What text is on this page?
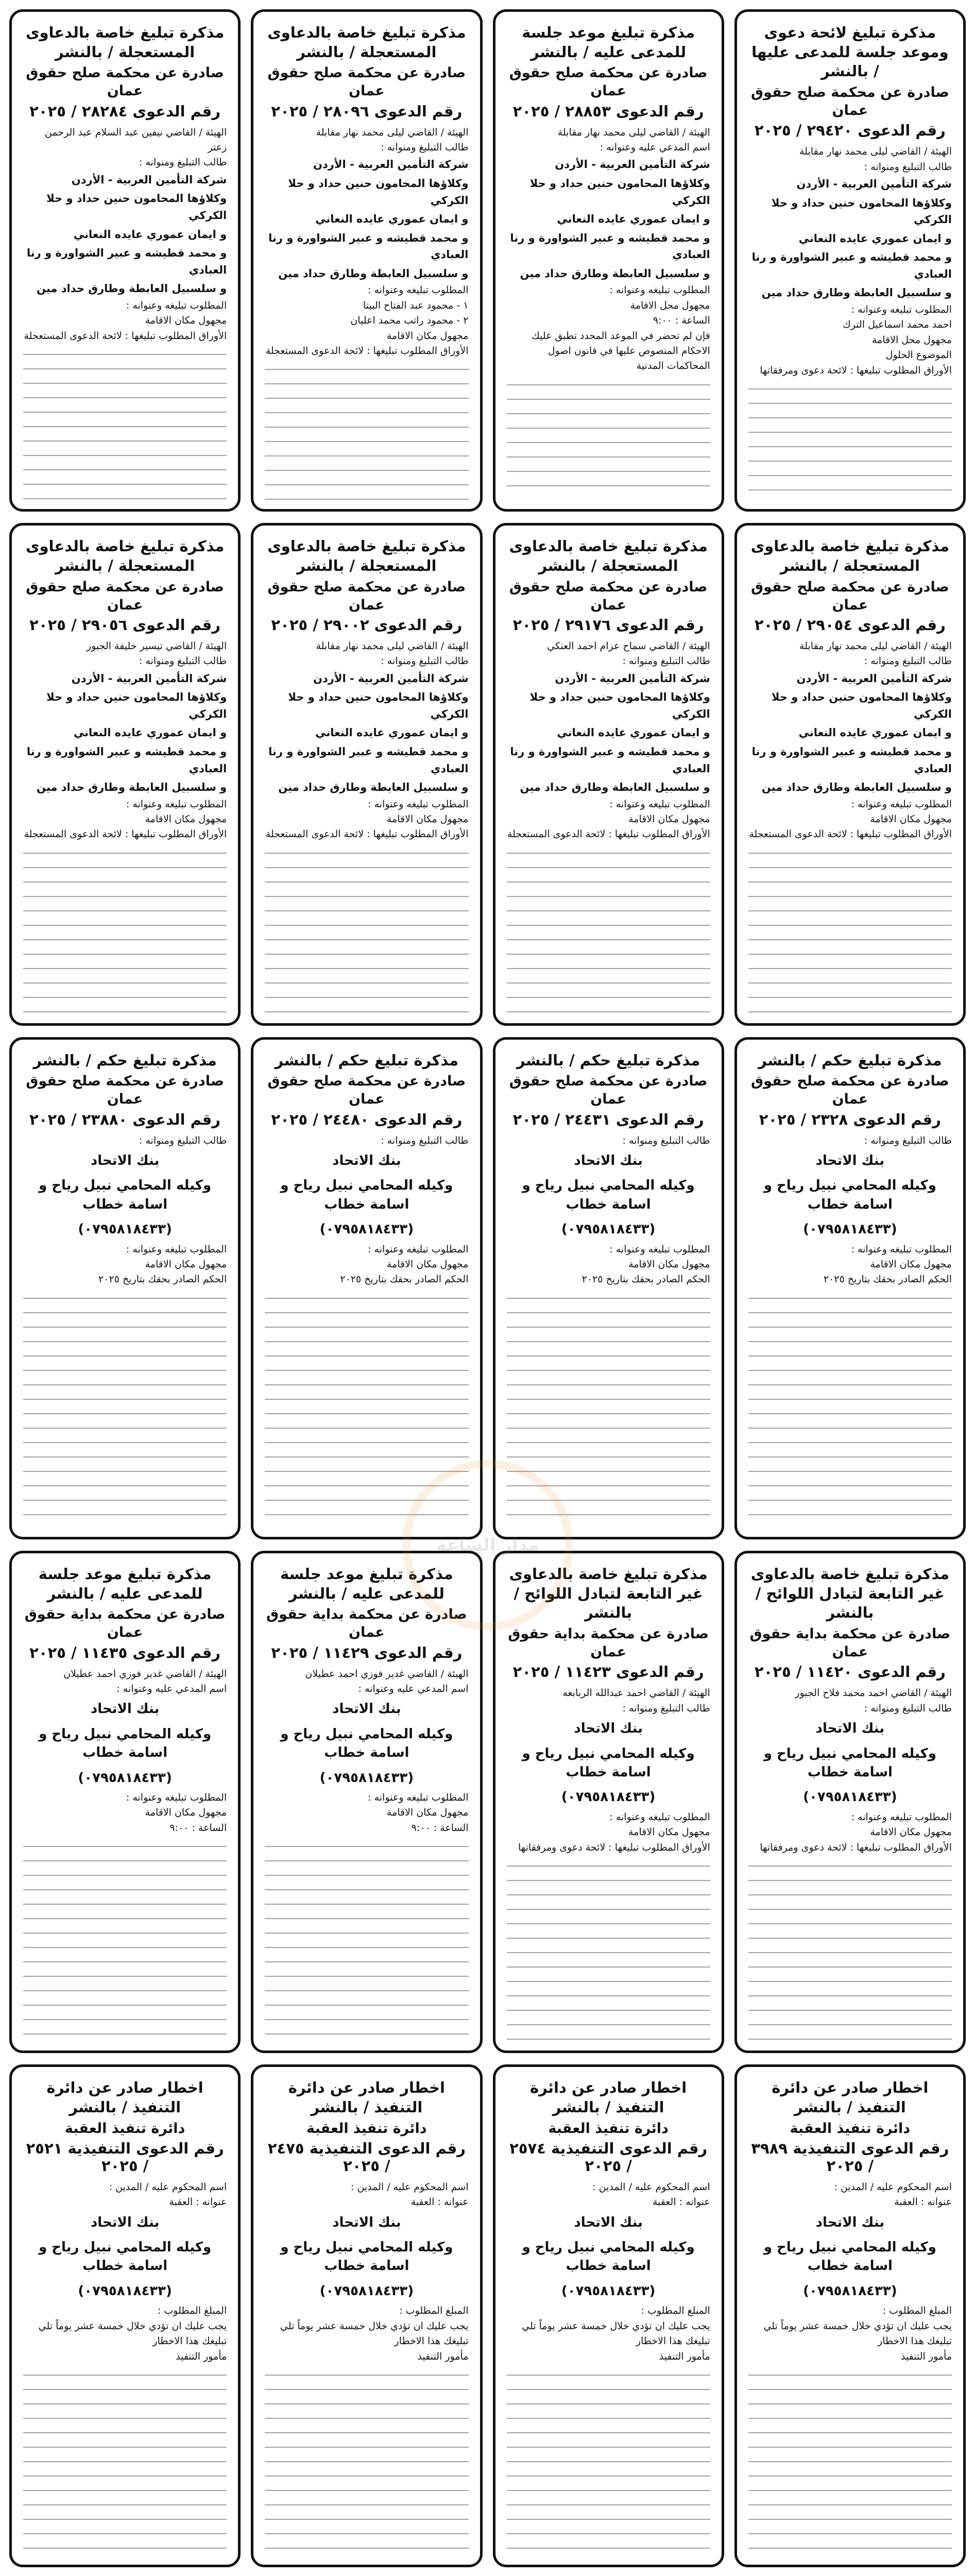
مذكرة تبليغ لائحة دعوى وموعد جلسة للمدعى عليها / بالنشر
صادرة عن محكمة صلح حقوق عمان
رقم الدعوى ٢٩٤٢٠ / ٢٠٢٥

الهيئة / القاضي ليلى محمد نهار مقابلة

طالب التبليغ ومنوانه :

شركة التأمين العربية - الأردن

وكلاؤها المحامون حنين حداد و حلا الكركي

و ايمان عموري عايده النعاني

و محمد قطيشه و عبير الشواورة و رنا العبادي

و سلسبيل العابطة وطارق حداد مين

المطلوب تبليغه وعنوانه :

احمد محمد اسماعيل الترك

مجهول محل الاقامة

الموضوع الحلول

الأوراق المطلوب تبليغها : لائحة دعوى ومرفقاتها

مذكرة تبليغ موعد جلسة للمدعى عليه / بالنشر
صادرة عن محكمة صلح حقوق عمان
رقم الدعوى ٢٨٨٥٣ / ٢٠٢٥

الهيئة / القاضي ليلى محمد نهار مقابلة

اسم المدعي عليه وعنوانه :

شركة التأمين العربية - الأردن

وكلاؤها المحامون حنين حداد و حلا الكركي

و ايمان عموري عايده النعاني

و محمد قطيشه و عبير الشواورة و رنا العبادي

و سلسبيل العابطة وطارق حداد مين

المطلوب تبليغه وعنوانه :

مجهول محل الاقامة

الساعة : ٩:٠٠

فإن لم تحضر في الموعد المحدد تطبق عليك الاحكام المنصوص عليها في قانون اصول المحاكمات المدنية

مذكرة تبليغ خاصة بالدعاوى المستعجلة / بالنشر
صادرة عن محكمة صلح حقوق عمان
رقم الدعوى ٢٨٠٩٦ / ٢٠٢٥

الهيئة / القاضي ليلى محمد نهار مقابلة

طالب التبليغ ومنوانه :

شركة التأمين العربية - الأردن

وكلاؤها المحامون حنين حداد و حلا الكركي

و ايمان عموري عايده النعاني

و محمد قطيشه و عبير الشواورة و رنا العبادي

و سلسبيل العابطة وطارق حداد مين

المطلوب تبليغه وعنوانه :

١ - محمود عبد الفتاح البيتا

٢ - محمود راتب محمد اعليان

مجهول مكان الاقامة

الأوراق المطلوب تبليغها : لائحة الدعوى المستعجلة

مذكرة تبليغ خاصة بالدعاوى المستعجلة / بالنشر
صادرة عن محكمة صلح حقوق عمان
رقم الدعوى ٢٨٢٨٤ / ٢٠٢٥

الهيئة / القاضي نيفين عبد السلام عبد الرحمن زعتر

طالب التبليغ ومنوانه :

شركة التأمين العربية - الأردن

وكلاؤها المحامون حنين حداد و حلا الكركي

و ايمان عموري عايده النعاني

و محمد قطيشه و عبير الشواورة و رنا العبادي

و سلسبيل العابطة وطارق حداد مين

المطلوب تبليغه وعنوانه :

مجهول مكان الاقامة

الأوراق المطلوب تبليغها : لائحة الدعوى المستعجلة

مذكرة تبليغ خاصة بالدعاوى المستعجلة / بالنشر
صادرة عن محكمة صلح حقوق عمان
رقم الدعوى ٢٩٠٥٤ / ٢٠٢٥

الهيئة / القاضي ليلى محمد نهار مقابلة

طالب التبليغ ومنوانه :

شركة التأمين العربية - الأردن

وكلاؤها المحامون حنين حداد و حلا الكركي

و ايمان عموري عايده النعاني

و محمد قطيشه و عبير الشواورة و رنا العبادي

و سلسبيل العابطة وطارق حداد مين

المطلوب تبليغه وعنوانه :

مجهول مكان الاقامة

الأوراق المطلوب تبليغها : لائحة الدعوى المستعجلة

مذكرة تبليغ خاصة بالدعاوى المستعجلة / بالنشر
صادرة عن محكمة صلح حقوق عمان
رقم الدعوى ٢٩١٧٦ / ٢٠٢٥

الهيئة / القاضي سماح عزام احمد العنكي

طالب التبليغ ومنوانه :

شركة التأمين العربية - الأردن

وكلاؤها المحامون حنين حداد و حلا الكركي

و ايمان عموري عايده النعاني

و محمد قطيشه و عبير الشواورة و رنا العبادي

و سلسبيل العابطة وطارق حداد مين

المطلوب تبليغه وعنوانه :

مجهول مكان الاقامة

الأوراق المطلوب تبليغها : لائحة الدعوى المستعجلة

مذكرة تبليغ خاصة بالدعاوى المستعجلة / بالنشر
صادرة عن محكمة صلح حقوق عمان
رقم الدعوى ٢٩٠٠٢ / ٢٠٢٥

الهيئة / القاضي ليلى محمد نهار مقابلة

طالب التبليغ ومنوانه :

شركة التأمين العربية - الأردن

وكلاؤها المحامون حنين حداد و حلا الكركي

و ايمان عموري عايده النعاني

و محمد قطيشه و عبير الشواورة و رنا العبادي

و سلسبيل العابطة وطارق حداد مين

المطلوب تبليغه وعنوانه :

مجهول مكان الاقامة

الأوراق المطلوب تبليغها : لائحة الدعوى المستعجلة

مذكرة تبليغ خاصة بالدعاوى المستعجلة / بالنشر
صادرة عن محكمة صلح حقوق عمان
رقم الدعوى ٢٩٠٥٦ / ٢٠٢٥

الهيئة / القاضي تيسير خليفة الجبور

طالب التبليغ ومنوانه :

شركة التأمين العربية - الأردن

وكلاؤها المحامون حنين حداد و حلا الكركي

و ايمان عموري عايده النعاني

و محمد قطيشه و عبير الشواورة و رنا العبادي

و سلسبيل العابطة وطارق حداد مين

المطلوب تبليغه وعنوانه :

مجهول مكان الاقامة

الأوراق المطلوب تبليغها : لائحة الدعوى المستعجلة

مذكرة تبليغ حكم / بالنشر
صادرة عن محكمة صلح حقوق عمان
رقم الدعوى ٢٣٢٨ / ٢٠٢٥

طالب التبليغ ومنوانه :

بنك الاتحاد

وكيله المحامي نبيل رياح و اسامة خطاب

(٠٧٩٥٨١٨٤٣٣)

المطلوب تبليغه وعنوانه :

مجهول مكان الاقامة

الحكم الصادر بحقك بتاريخ ٢٠٢٥

مذكرة تبليغ حكم / بالنشر
صادرة عن محكمة صلح حقوق عمان
رقم الدعوى ٢٤٤٣١ / ٢٠٢٥

طالب التبليغ ومنوانه :

بنك الاتحاد

وكيله المحامي نبيل رياح و اسامة خطاب

(٠٧٩٥٨١٨٤٣٣)

المطلوب تبليغه وعنوانه :

مجهول مكان الاقامة

الحكم الصادر بحقك بتاريخ ٢٠٢٥

مذكرة تبليغ حكم / بالنشر
صادرة عن محكمة صلح حقوق عمان
رقم الدعوى ٢٤٤٨٠ / ٢٠٢٥

طالب التبليغ ومنوانه :

بنك الاتحاد

وكيله المحامي نبيل رياح و اسامة خطاب

(٠٧٩٥٨١٨٤٣٣)

المطلوب تبليغه وعنوانه :

مجهول مكان الاقامة

الحكم الصادر بحقك بتاريخ ٢٠٢٥

مذكرة تبليغ حكم / بالنشر
صادرة عن محكمة صلح حقوق عمان
رقم الدعوى ٢٣٨٨٠ / ٢٠٢٥

طالب التبليغ ومنوانه :

بنك الاتحاد

وكيله المحامي نبيل رياح و اسامة خطاب

(٠٧٩٥٨١٨٤٣٣)

المطلوب تبليغه وعنوانه :

مجهول مكان الاقامة

الحكم الصادر بحقك بتاريخ ٢٠٢٥

مذكرة تبليغ خاصة بالدعاوى غير التابعة لتبادل اللوائح / بالنشر
صادرة عن محكمة بداية حقوق عمان
رقم الدعوى ١١٤٢٠ / ٢٠٢٥

الهيئة / القاضي احمد محمد فلاح الجبور

طالب التبليغ ومنوانه :

بنك الاتحاد

وكيله المحامي نبيل رياح و اسامة خطاب

(٠٧٩٥٨١٨٤٣٣)

المطلوب تبليغه وعنوانه :

مجهول مكان الاقامة

الأوراق المطلوب تبليغها : لائحة دعوى ومرفقاتها

مذكرة تبليغ خاصة بالدعاوى غير التابعة لتبادل اللوائح / بالنشر
صادرة عن محكمة بداية حقوق عمان
رقم الدعوى ١١٤٢٣ / ٢٠٢٥

الهيئة / القاضي احمد عبدالله الربابعه

طالب التبليغ ومنوانه :

بنك الاتحاد

وكيله المحامي نبيل رياح و اسامة خطاب

(٠٧٩٥٨١٨٤٣٣)

المطلوب تبليغه وعنوانه :

مجهول مكان الاقامة

الأوراق المطلوب تبليغها : لائحة دعوى ومرفقاتها

مذكرة تبليغ موعد جلسة للمدعى عليه / بالنشر
صادرة عن محكمة بداية حقوق عمان
رقم الدعوى ١١٤٢٩ / ٢٠٢٥

الهيئة / القاضي غدير فوزي احمد عطيلان

اسم المدعي عليه وعنوانه :

بنك الاتحاد

وكيله المحامي نبيل رياح و اسامة خطاب

(٠٧٩٥٨١٨٤٣٣)

المطلوب تبليغه وعنوانه :

مجهول مكان الاقامة

الساعة : ٩:٠٠

مذكرة تبليغ موعد جلسة للمدعى عليه / بالنشر
صادرة عن محكمة بداية حقوق عمان
رقم الدعوى ١١٤٣٥ / ٢٠٢٥

الهيئة / القاضي غدير فوزي احمد عطيلان

اسم المدعي عليه وعنوانه :

بنك الاتحاد

وكيله المحامي نبيل رياح و اسامة خطاب

(٠٧٩٥٨١٨٤٣٣)

المطلوب تبليغه وعنوانه :

مجهول مكان الاقامة

الساعة : ٩:٠٠

اخطار صادر عن دائرة التنفيذ / بالنشر
دائرة تنفيذ العقبة
رقم الدعوى التنفيذية ٣٩٨٩ / ٢٠٢٥

اسم المحكوم عليه / المدين :

عنوانه : العقبة

بنك الاتحاد

وكيله المحامي نبيل رياح و اسامة خطاب

(٠٧٩٥٨١٨٤٣٣)

المبلغ المطلوب :

يجب عليك ان تؤدي خلال خمسة عشر يوماً تلي تبليغك هذا الاخطار

مأمور التنفيذ

اخطار صادر عن دائرة التنفيذ / بالنشر
دائرة تنفيذ العقبة
رقم الدعوى التنفيذية ٢٥٧٤ / ٢٠٢٥

اسم المحكوم عليه / المدين :

عنوانه : العقبة

بنك الاتحاد

وكيله المحامي نبيل رياح و اسامة خطاب

(٠٧٩٥٨١٨٤٣٣)

المبلغ المطلوب :

يجب عليك ان تؤدي خلال خمسة عشر يوماً تلي تبليغك هذا الاخطار

مأمور التنفيذ

اخطار صادر عن دائرة التنفيذ / بالنشر
دائرة تنفيذ العقبة
رقم الدعوى التنفيذية ٢٤٧٥ / ٢٠٢٥

اسم المحكوم عليه / المدين :

عنوانه : العقبة

بنك الاتحاد

وكيله المحامي نبيل رياح و اسامة خطاب

(٠٧٩٥٨١٨٤٣٣)

المبلغ المطلوب :

يجب عليك ان تؤدي خلال خمسة عشر يوماً تلي تبليغك هذا الاخطار

مأمور التنفيذ

اخطار صادر عن دائرة التنفيذ / بالنشر
دائرة تنفيذ العقبة
رقم الدعوى التنفيذية ٢٥٢١ / ٢٠٢٥

اسم المحكوم عليه / المدين :

عنوانه : العقبة

بنك الاتحاد

وكيله المحامي نبيل رياح و اسامة خطاب

(٠٧٩٥٨١٨٤٣٣)

المبلغ المطلوب :

يجب عليك ان تؤدي خلال خمسة عشر يوماً تلي تبليغك هذا الاخطار

مأمور التنفيذ

مدار الساعة
